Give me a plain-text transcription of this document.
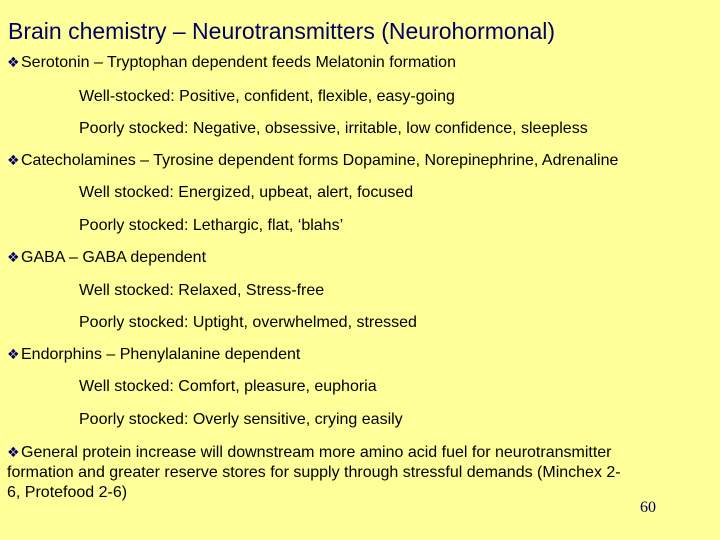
Brain chemistry – Neurotransmitters (Neurohormonal)
❖Serotonin – Tryptophan dependent feeds Melatonin formation
Well-stocked: Positive, confident, flexible, easy-going
Poorly stocked: Negative, obsessive, irritable, low confidence, sleepless
❖Catecholamines – Tyrosine dependent forms Dopamine, Norepinephrine, Adrenaline
Well stocked: Energized, upbeat, alert, focused
Poorly stocked: Lethargic, flat, ‘blahs’
❖GABA – GABA dependent
Well stocked: Relaxed, Stress-free
Poorly stocked: Uptight, overwhelmed, stressed
❖Endorphins – Phenylalanine dependent
Well stocked: Comfort, pleasure, euphoria
Poorly stocked: Overly sensitive, crying easily
❖General protein increase will downstream more amino acid fuel for neurotransmitter
formation and greater reserve stores for supply through stressful demands (Minchex 2-
6, Protefood 2-6)
60
